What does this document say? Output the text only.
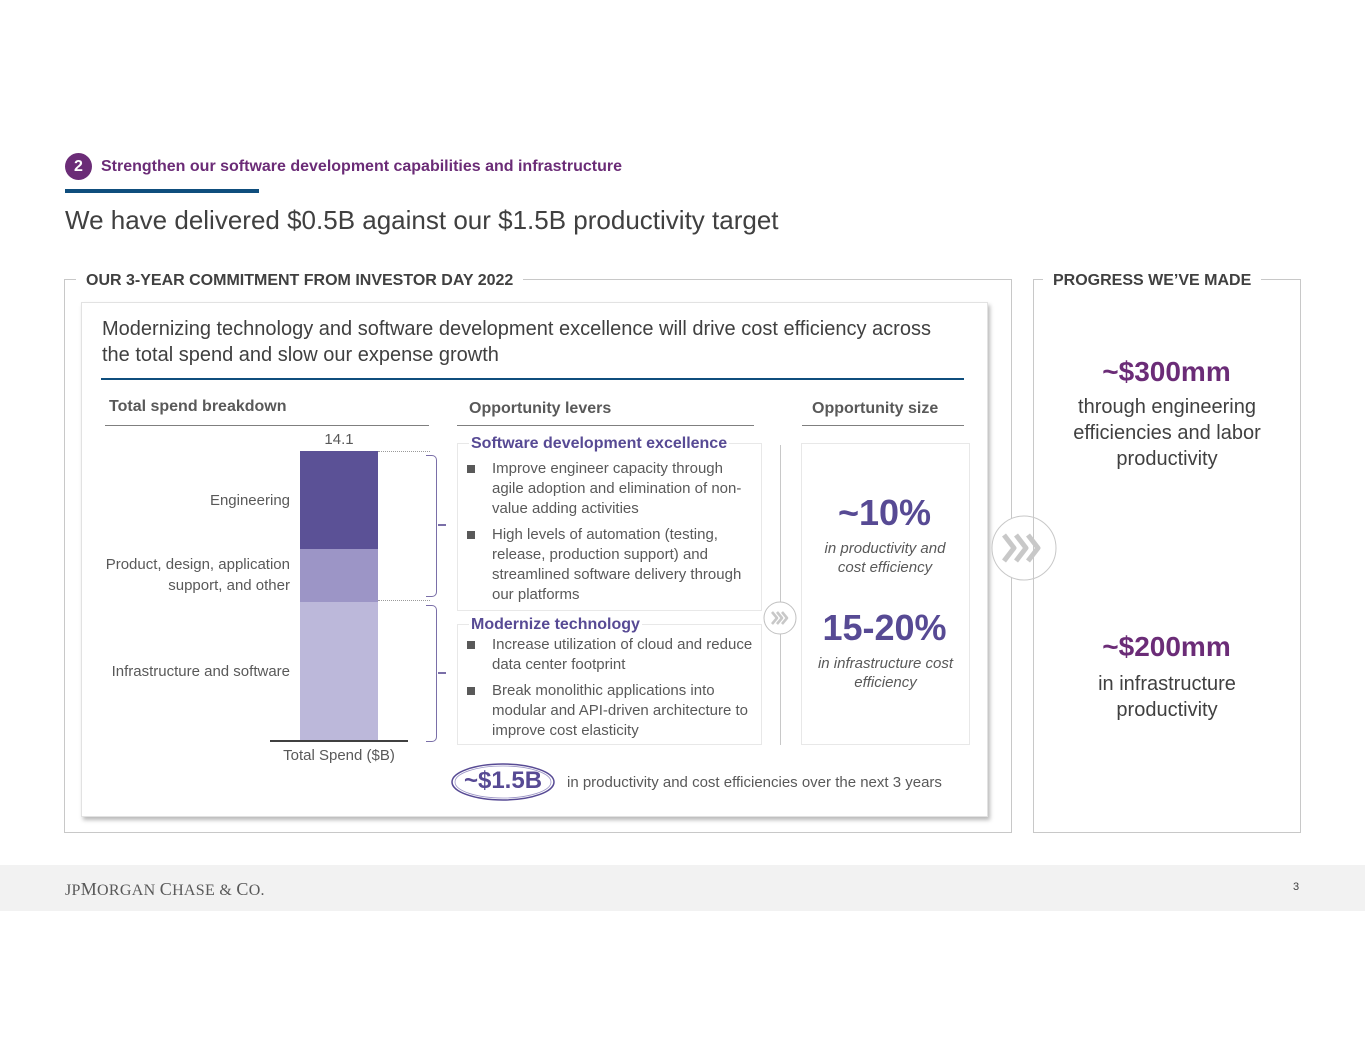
2	Strengthen our software development capabilities and infrastructure
We have delivered $0.5B against our $1.5B productivity target
OUR 3-YEAR COMMITMENT FROM INVESTOR DAY 2022
Modernizing technology and software development excellence will drive cost efficiency across the total spend and slow our expense growth
Total spend breakdown	Opportunity levers	Opportunity size
14.1
Total Spend ($B)
Engineering
Product, design, application support, and other
Infrastructure and software
Software development excellence
Improve engineer capacity through agile adoption and elimination of non-value adding activities
High levels of automation (testing, release, production support) and streamlined software delivery through our platforms
Modernize technology
Increase utilization of cloud and reduce data center footprint
Break monolithic applications into modular and API-driven architecture to improve cost elasticity
~10%
in productivity and cost efficiency
15-20%
in infrastructure cost efficiency
~$1.5B	in productivity and cost efficiencies over the next 3 years
PROGRESS WE’VE MADE
~$300mm
through engineering efficiencies and labor productivity
~$200mm
in infrastructure productivity
JPMORGAN CHASE & CO.	3
